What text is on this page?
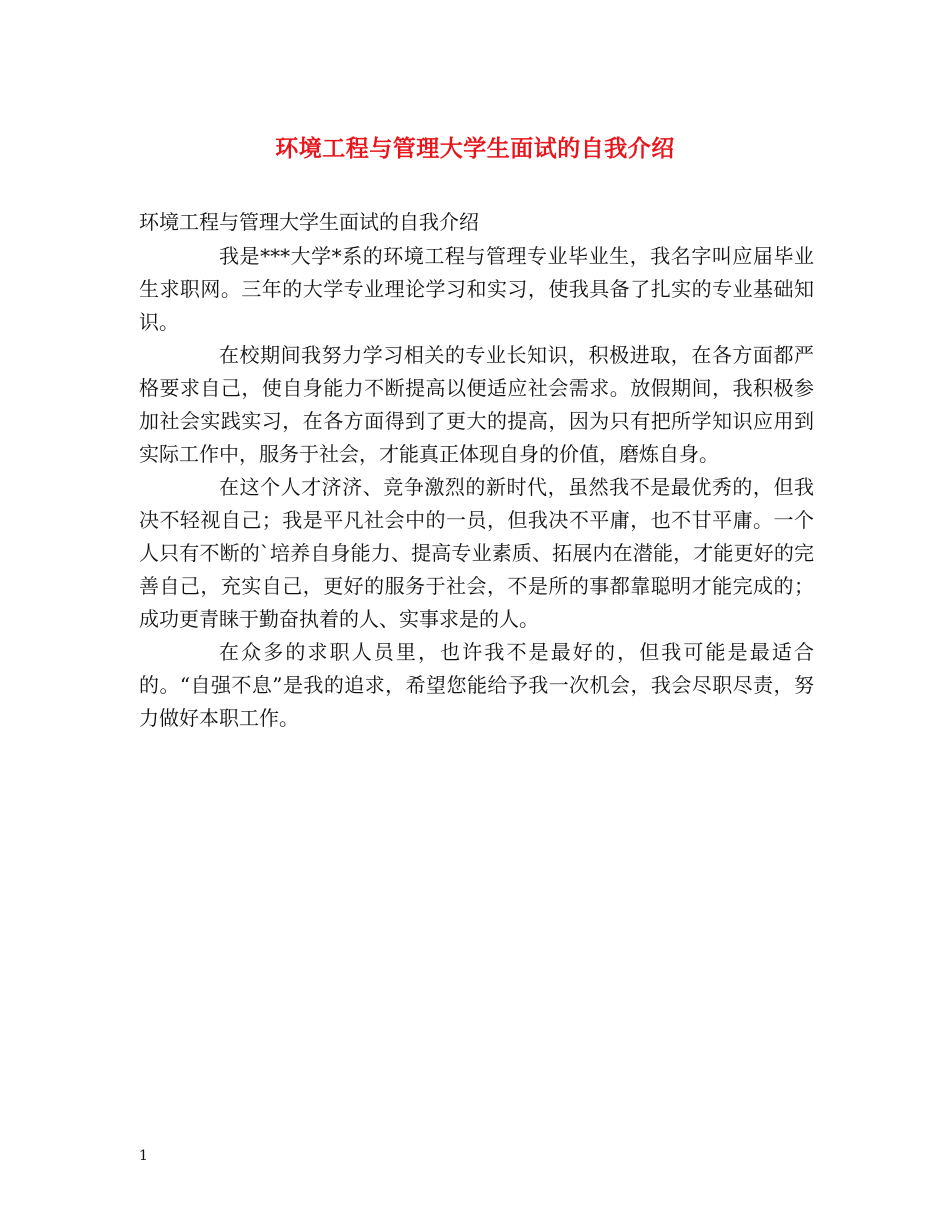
环境工程与管理大学生面试的自我介绍
环境工程与管理大学生面试的自我介绍

我是***大学*系的环境工程与管理专业毕业生，我名字叫应届毕业生求职网。三年的大学专业理论学习和实习，使我具备了扎实的专业基础知识。

在校期间我努力学习相关的专业长知识，积极进取，在各方面都严格要求自己，使自身能力不断提高以便适应社会需求。放假期间，我积极参加社会实践实习，在各方面得到了更大的提高，因为只有把所学知识应用到实际工作中，服务于社会，才能真正体现自身的价值，磨炼自身。

在这个人才济济、竞争激烈的新时代，虽然我不是最优秀的，但我决不轻视自己；我是平凡社会中的一员，但我决不平庸，也不甘平庸。一个人只有不断的`培养自身能力、提高专业素质、拓展内在潜能，才能更好的完善自己，充实自己，更好的服务于社会，不是所的事都靠聪明才能完成的；成功更青睐于勤奋执着的人、实事求是的人。

在众多的求职人员里，也许我不是最好的，但我可能是最适合的。“自强不息”是我的追求，希望您能给予我一次机会，我会尽职尽责，努力做好本职工作。

1
